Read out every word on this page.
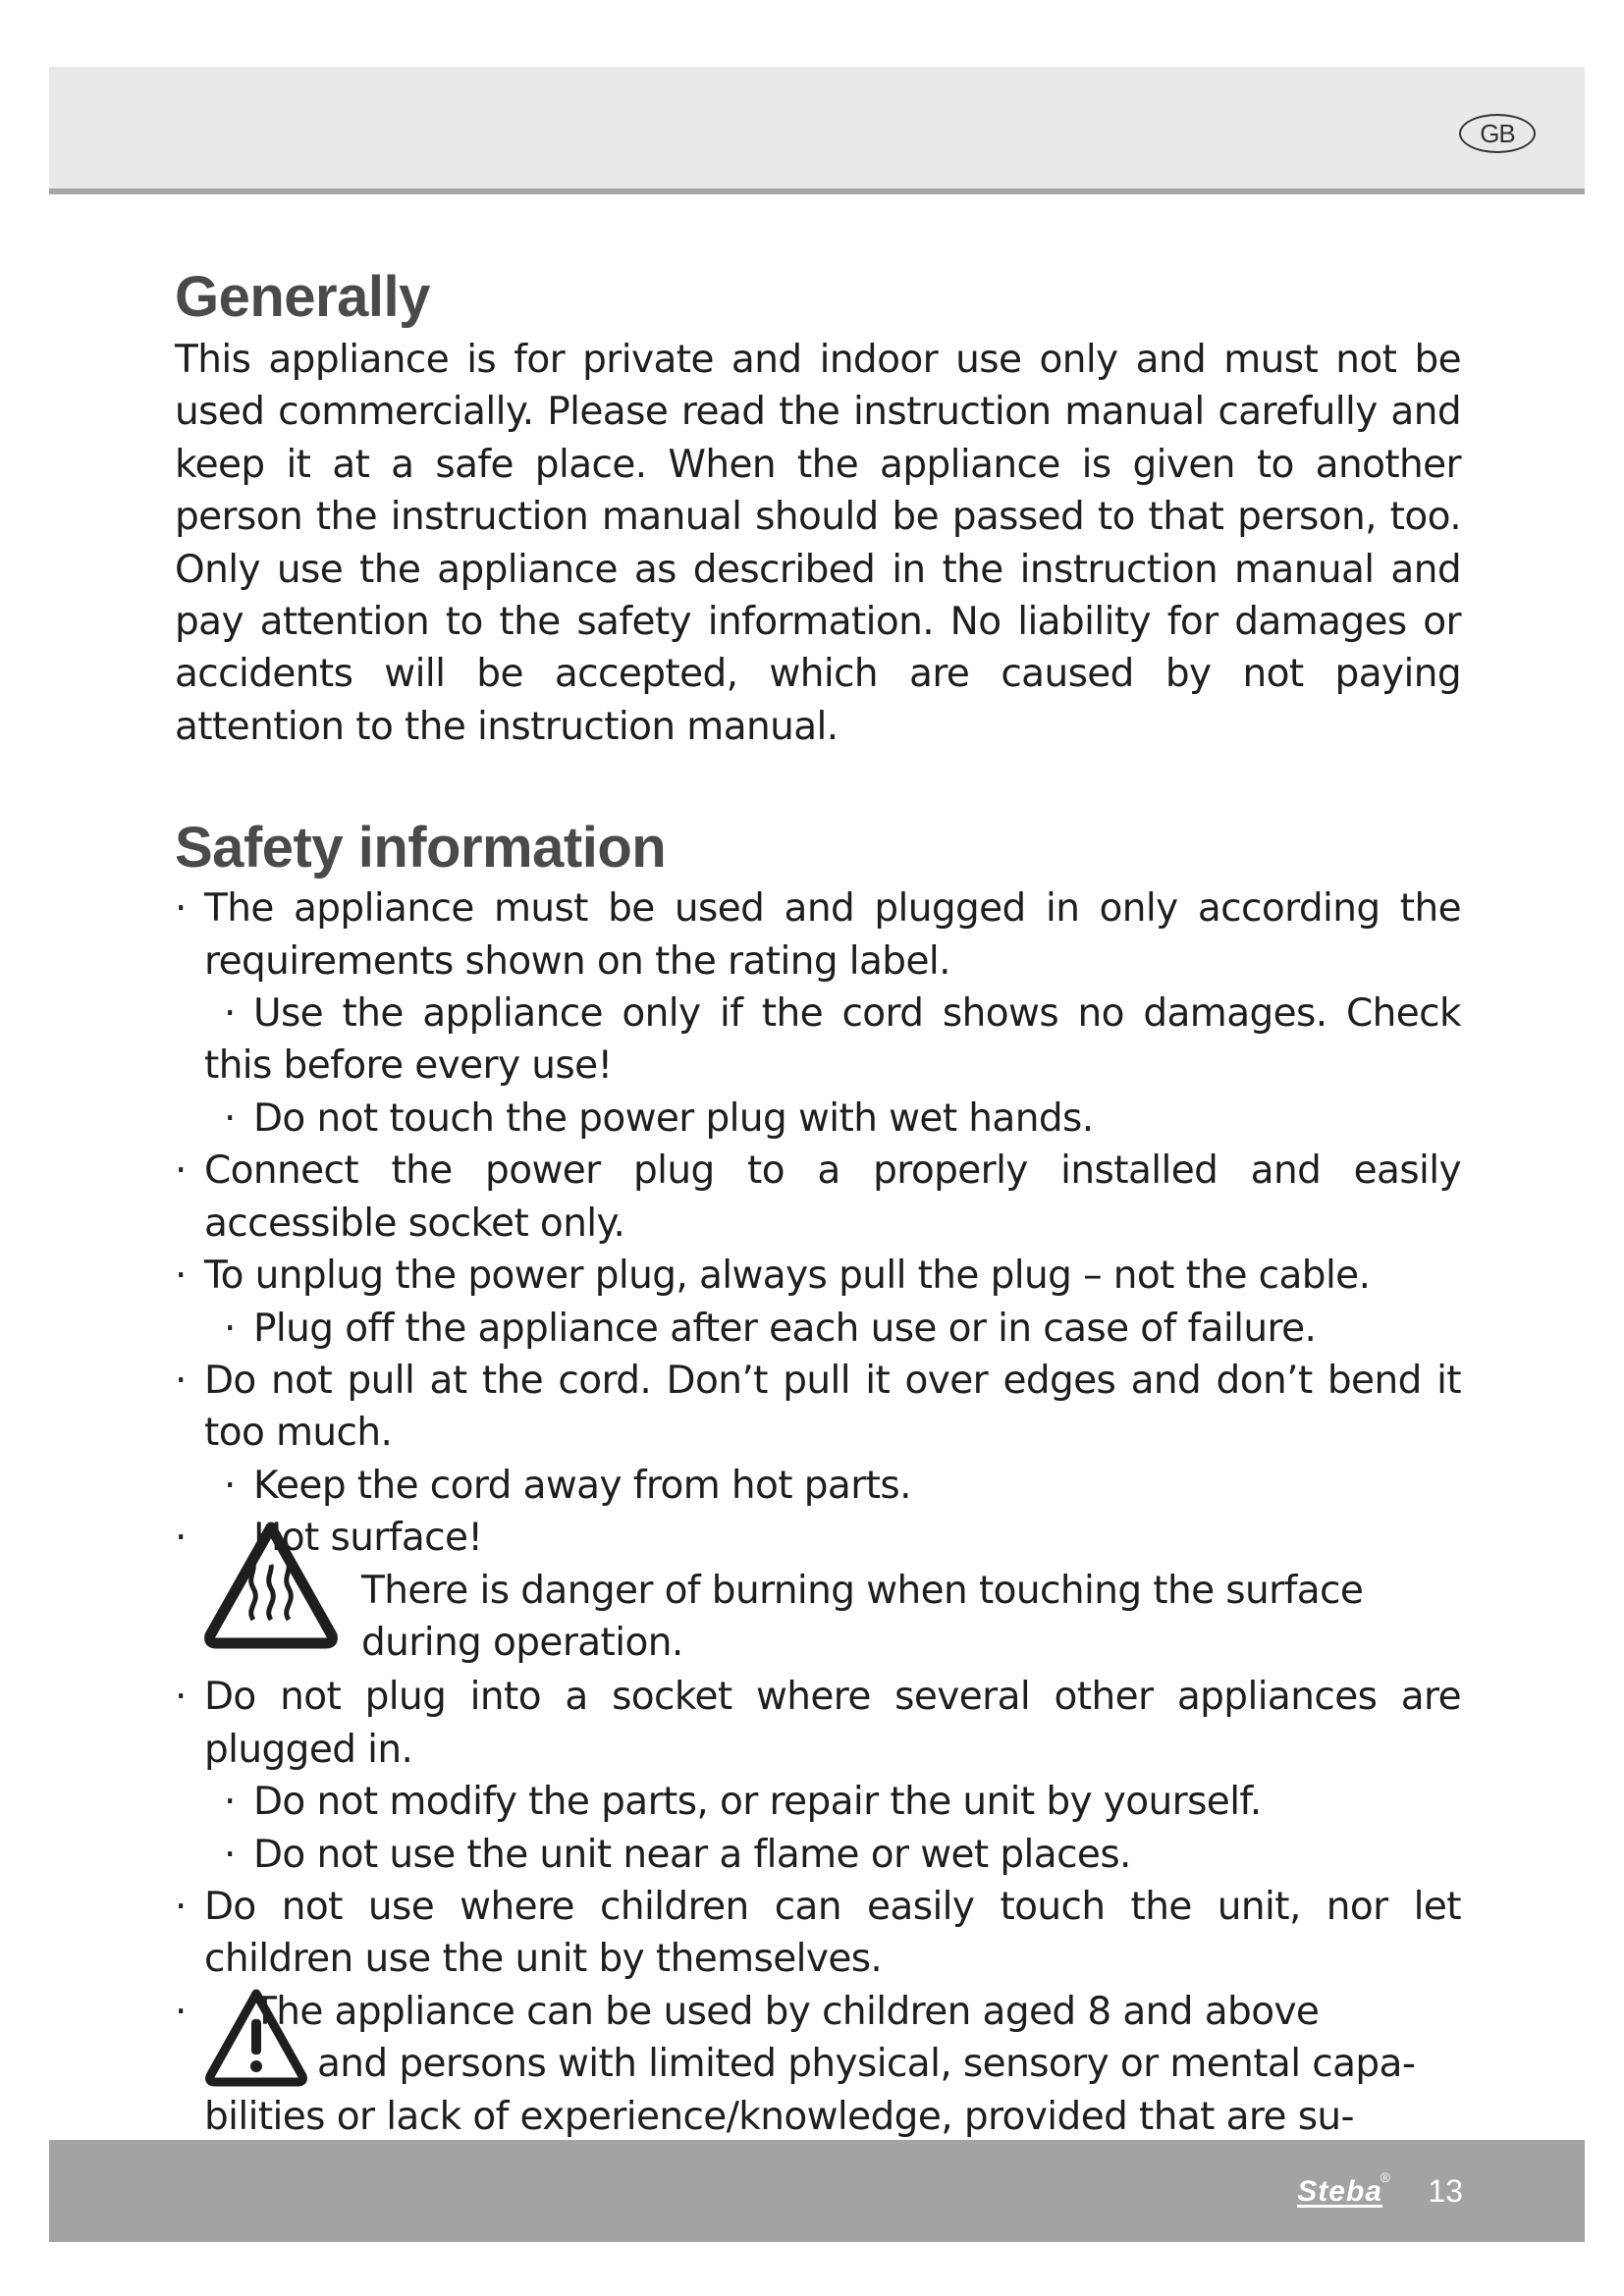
GB
Generally

This appliance is for private and indoor use only and must not be used commercially. Please read the instruction manual carefully and keep it at a safe place. When the appliance is given to another person the instruction manual should be passed to that person, too. Only use the appliance as described in the instruction manual and pay attention to the safety information. No liability for damages or accidents will be accepted, which are caused by not paying attention to the instruction manual.

Safety information
· The appliance must be used and plugged in only according the requirements shown on the rating label.
· Use the appliance only if the cord shows no damages. Check this before every use!
· Do not touch the power plug with wet hands.
· Connect the power plug to a properly installed and easily accessible socket only.
· To unplug the power plug, always pull the plug – not the cable.
· Plug off the appliance after each use or in case of failure.
· Do not pull at the cord. Don’t pull it over edges and don’t bend it too much.
· Keep the cord away from hot parts.
· Hot surface!
There is danger of burning when touching the surface during operation.
· Do not plug into a socket where several other appliances are plugged in.
· Do not modify the parts, or repair the unit by yourself.
· Do not use the unit near a flame or wet places.
· Do not use where children can easily touch the unit, nor let children use the unit by themselves.
· The appliance can be used by children aged 8 and above
and persons with limited physical, sensory or mental capa-
bilities or lack of experience/knowledge, provided that are su-
Steba
® 13
